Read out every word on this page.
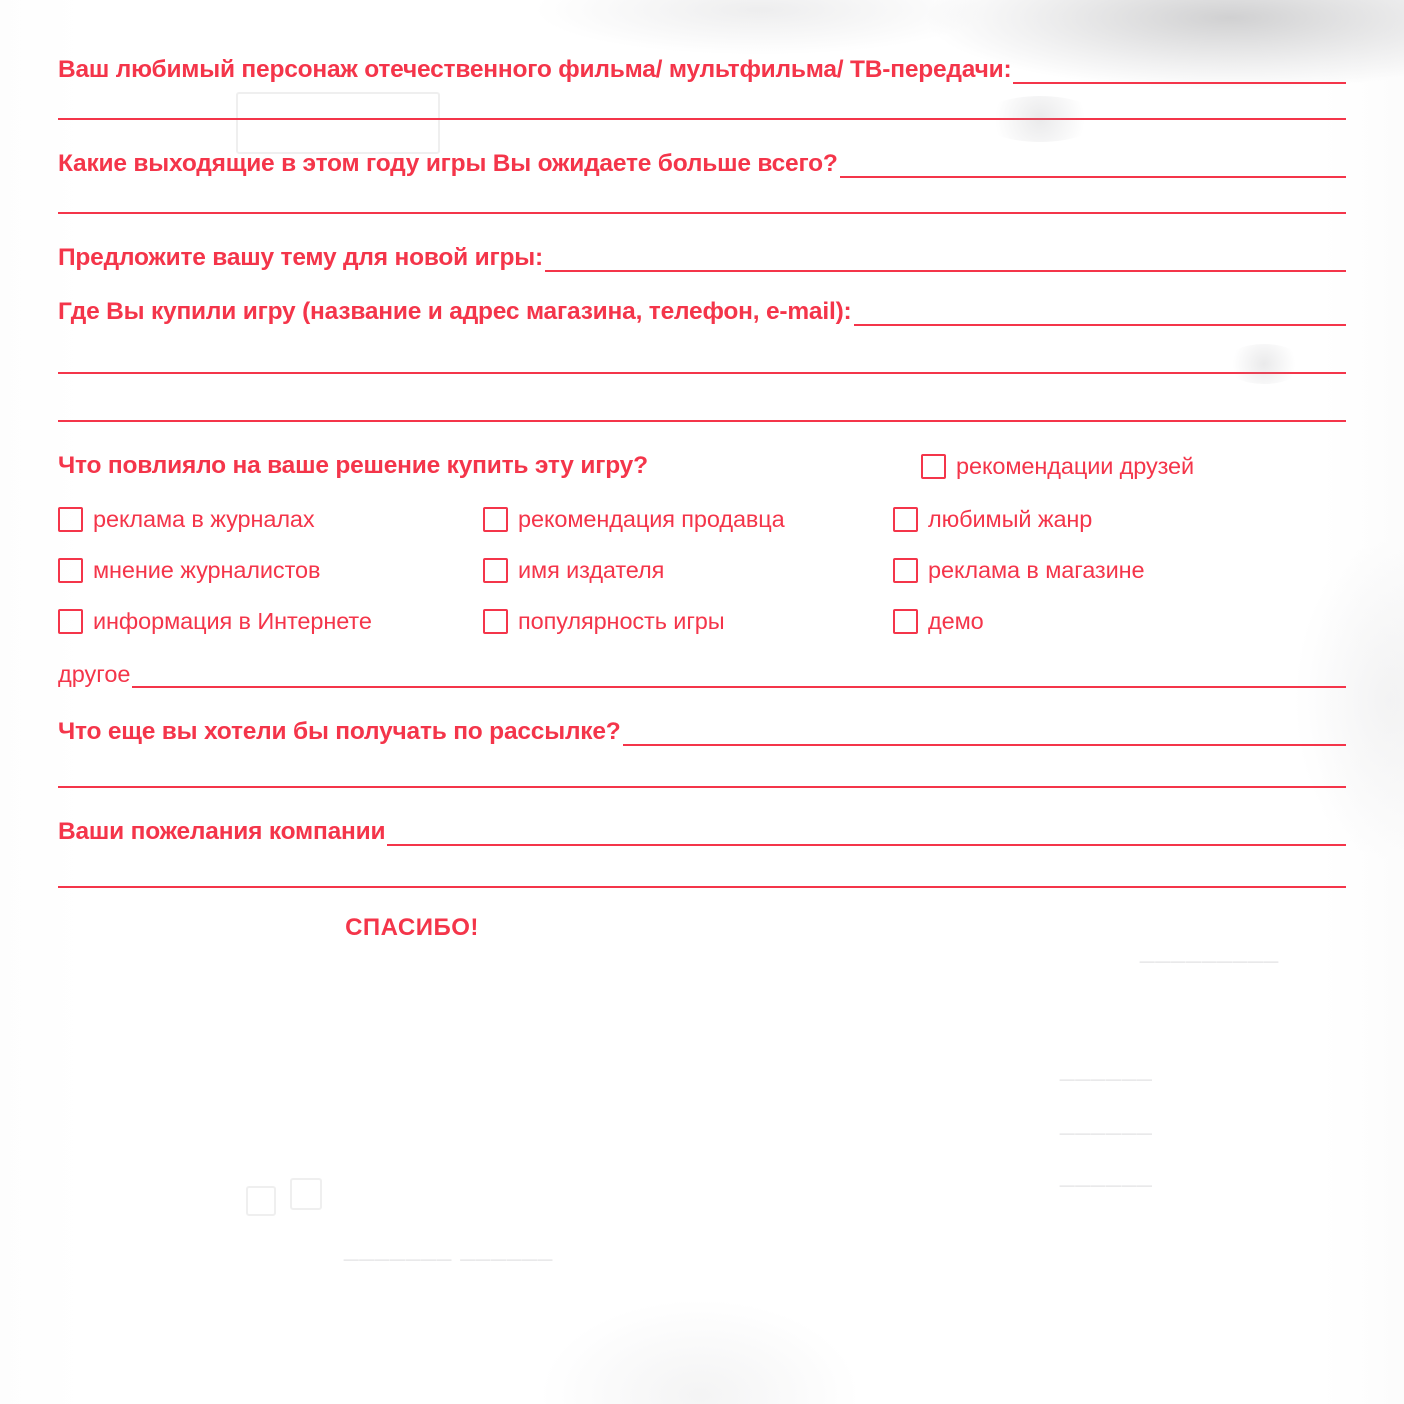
_______ ______
______
______
______
_________
Ваш любимый персонаж отечественного фильма/ мультфильма/ ТВ-передачи:
Какие выходящие в этом году игры Вы ожидаете больше всего?
Предложите вашу тему для новой игры:
Где Вы купили игру (название и адрес магазина, телефон, e-mail):
Что повлияло на ваше решение купить эту игру?	рекомендации друзей
реклама в журналах	рекомендация продавца	любимый жанр
мнение журналистов	имя издателя	реклама в магазине
информация в Интернете	популярность игры	демо
другое
Что еще вы хотели бы получать по рассылке?
Ваши пожелания компании
СПАСИБО!
